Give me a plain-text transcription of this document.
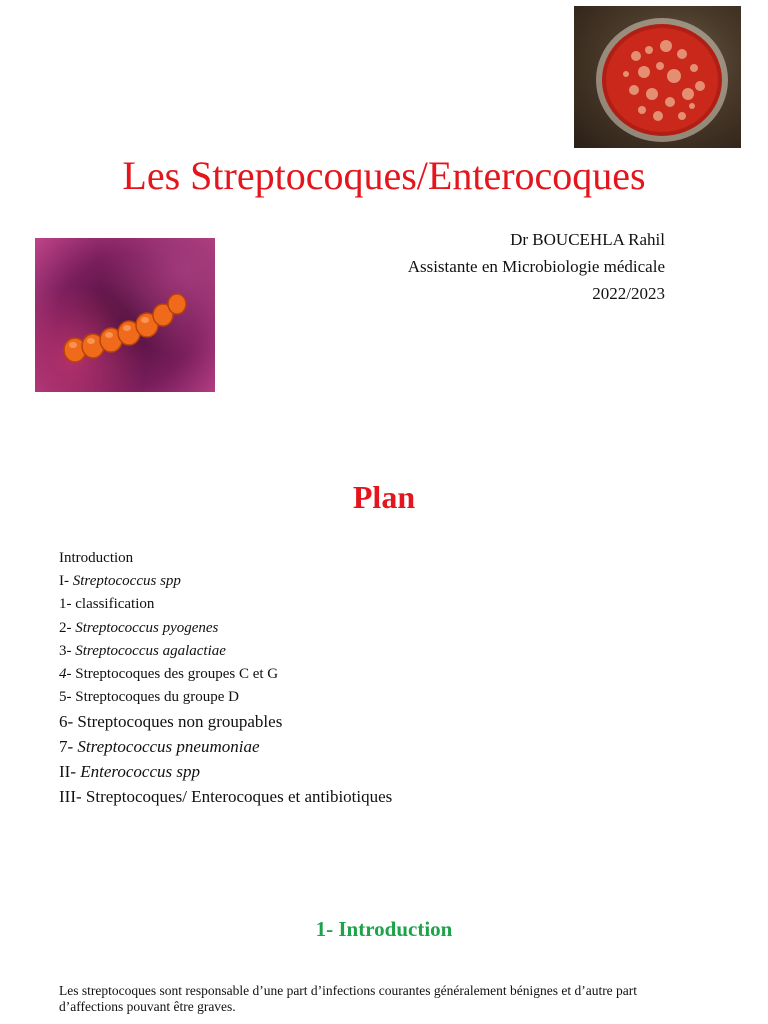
Les Streptocoques/Enterocoques
Dr BOUCEHLA Rahil
Assistante en Microbiologie médicale
2022/2023
Plan
Introduction
I- Streptococcus spp
1- classification
2- Streptococcus pyogenes
3- Streptococcus agalactiae
4- Streptocoques des groupes C et G
5- Streptocoques du groupe D
6- Streptocoques non groupables
7- Streptococcus pneumoniae
II- Enterococcus spp
III- Streptocoques/ Enterocoques et antibiotiques
1- Introduction
Les streptocoques sont responsable d’une part d’infections courantes généralement bénignes et d’autre part d’affections pouvant être graves.
